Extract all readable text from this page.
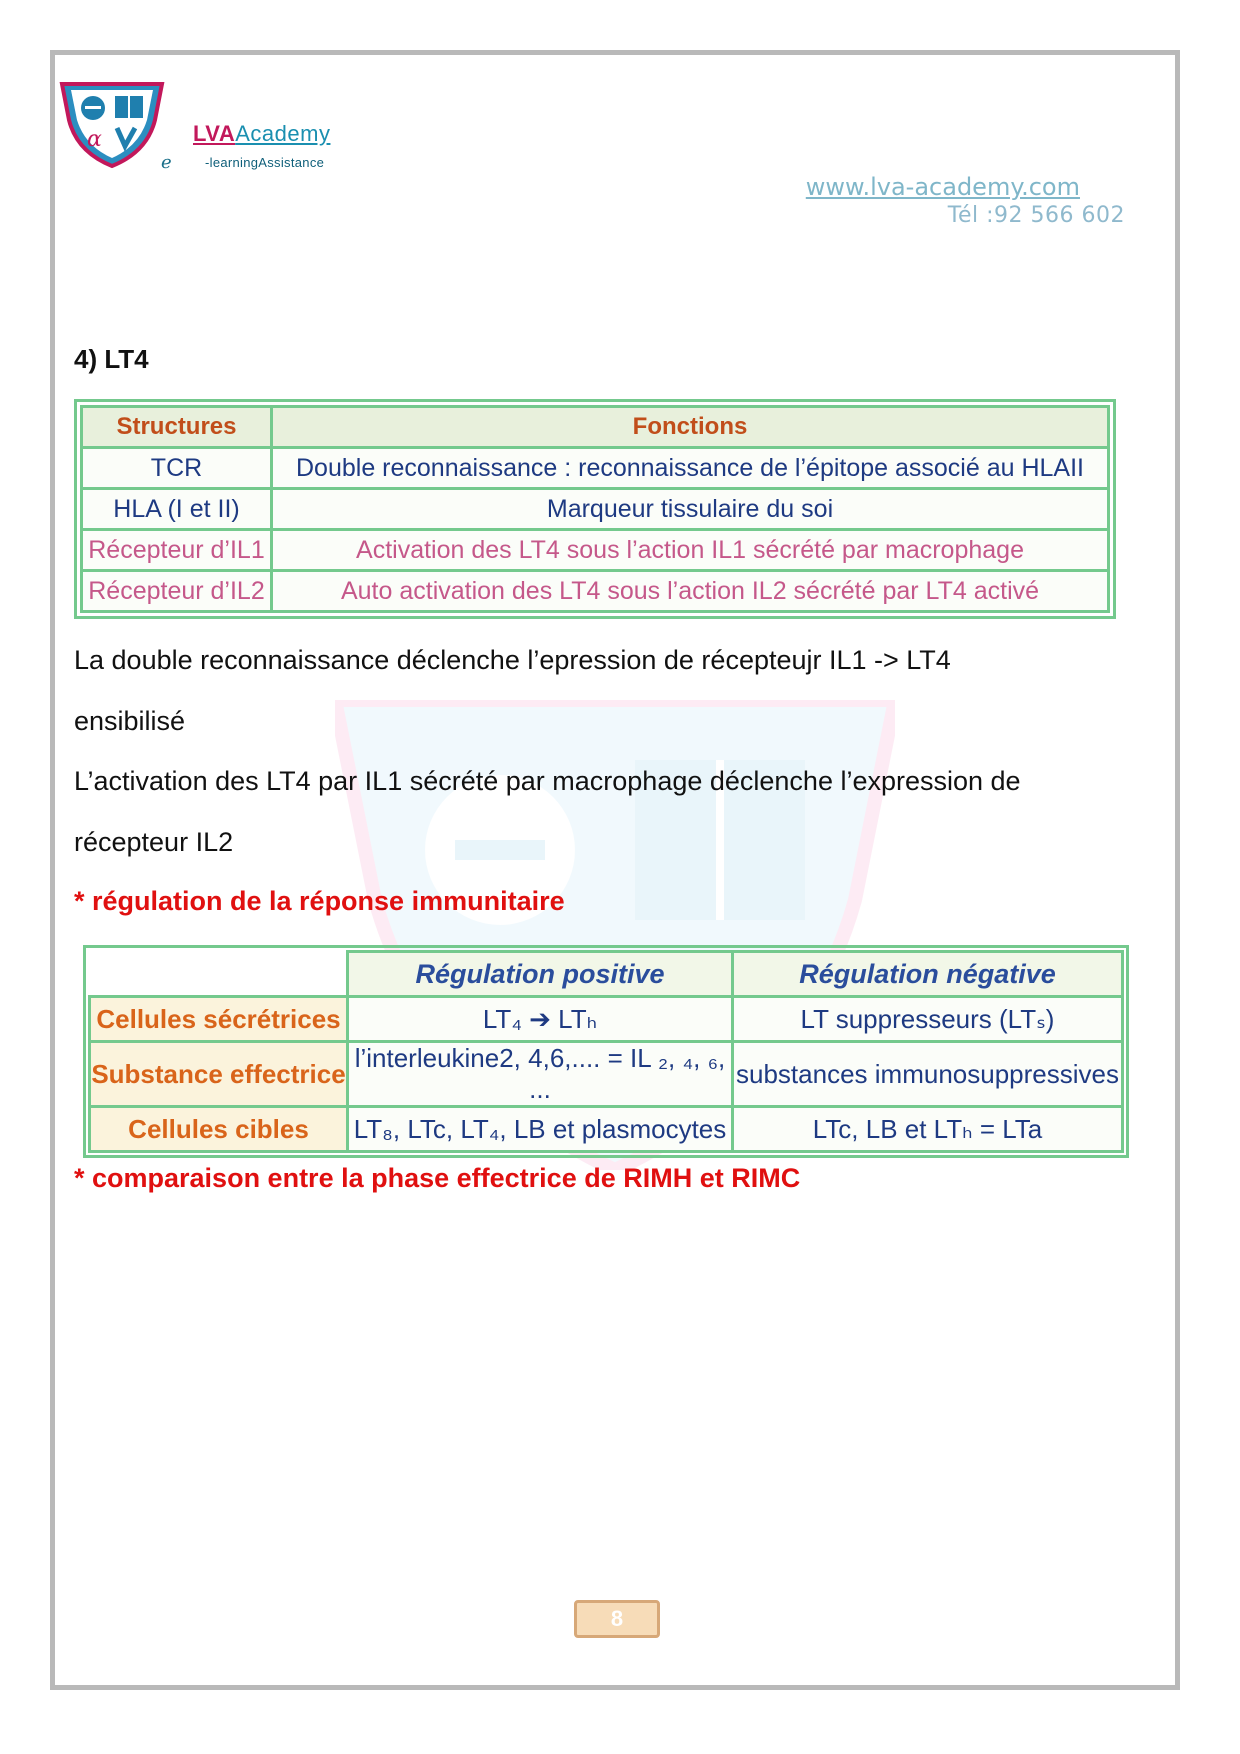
α	LVAAcademy
e	-learningAssistance
www.lva-academy.com
Tél :92 566 602
4) LT4
Structures	Fonctions
TCR	Double reconnaissance : reconnaissance de l’épitope associé au HLAII
HLA (I et II)	Marqueur tissulaire du soi
Récepteur d’IL1	Activation des LT4 sous l’action IL1 sécrété par macrophage
Récepteur d’IL2	Auto activation des LT4 sous l’action IL2 sécrété par LT4 activé
La double reconnaissance déclenche l’epression de récepteujr IL1 -> LT4
ensibilisé
L’activation des LT4 par IL1 sécrété par macrophage déclenche l’expression de
récepteur IL2
* régulation de la réponse immunitaire
	Régulation positive	Régulation négative
Cellules sécrétrices	LT₄ ➔ LTₕ	LT suppresseurs (LTₛ)
Substance effectrice	l’interleukine2, 4,6,.... = IL ₂, ₄, ₆, ...	substances immunosuppressives
Cellules cibles	LT₈, LTc, LT₄, LB et plasmocytes	LTc, LB et LTₕ = LTa
* comparaison entre la phase effectrice de RIMH et RIMC
8
